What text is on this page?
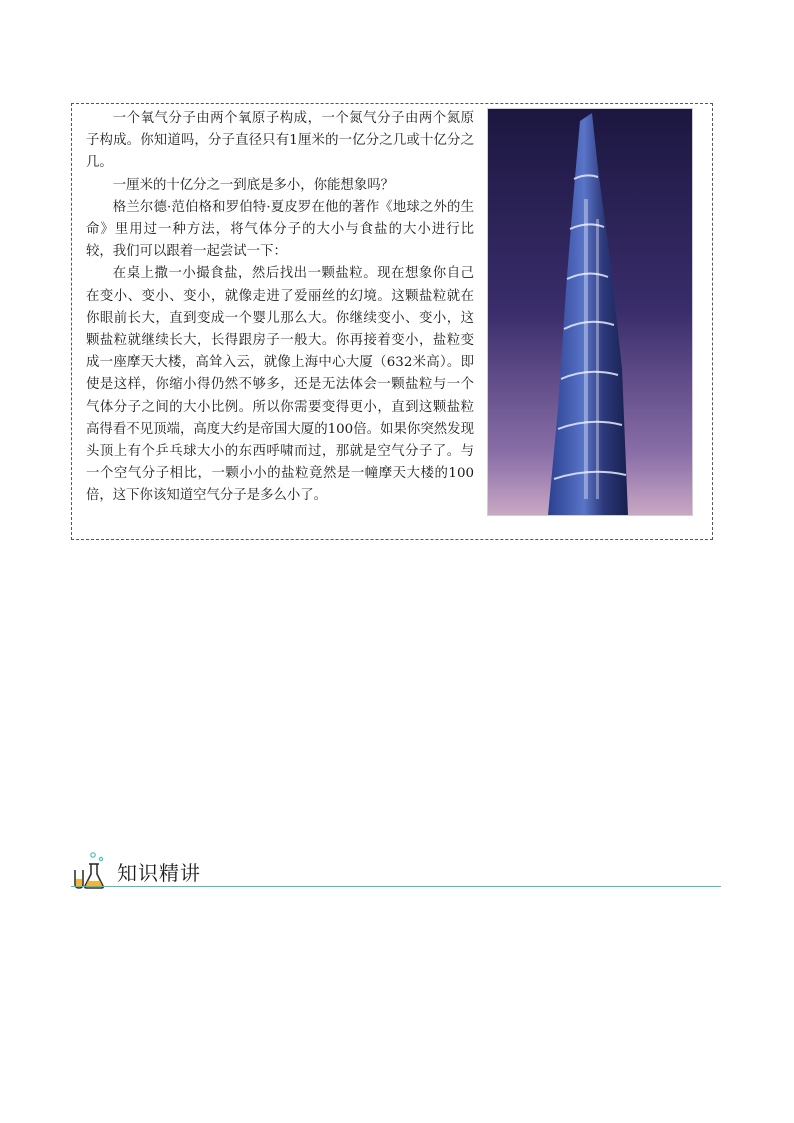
一个氧气分子由两个氧原子构成，一个氮气分子由两个氮原子构成。你知道吗，分子直径只有1厘米的一亿分之几或十亿分之几。

一厘米的十亿分之一到底是多小，你能想象吗？

格兰尔德·范伯格和罗伯特·夏皮罗在他的著作《地球之外的生命》里用过一种方法，将气体分子的大小与食盐的大小进行比较，我们可以跟着一起尝试一下：

在桌上撒一小撮食盐，然后找出一颗盐粒。现在想象你自己在变小、变小、变小，就像走进了爱丽丝的幻境。这颗盐粒就在你眼前长大，直到变成一个婴儿那么大。你继续变小、变小，这颗盐粒就继续长大，长得跟房子一般大。你再接着变小，盐粒变成一座摩天大楼，高耸入云，就像上海中心大厦（632米高）。即使是这样，你缩小得仍然不够多，还是无法体会一颗盐粒与一个气体分子之间的大小比例。所以你需要变得更小，直到这颗盐粒高得看不见顶端，高度大约是帝国大厦的100倍。如果你突然发现头顶上有个乒乓球大小的东西呼啸而过，那就是空气分子了。与一个空气分子相比，一颗小小的盐粒竟然是一幢摩天大楼的100倍，这下你该知道空气分子是多么小了。

知识精讲
